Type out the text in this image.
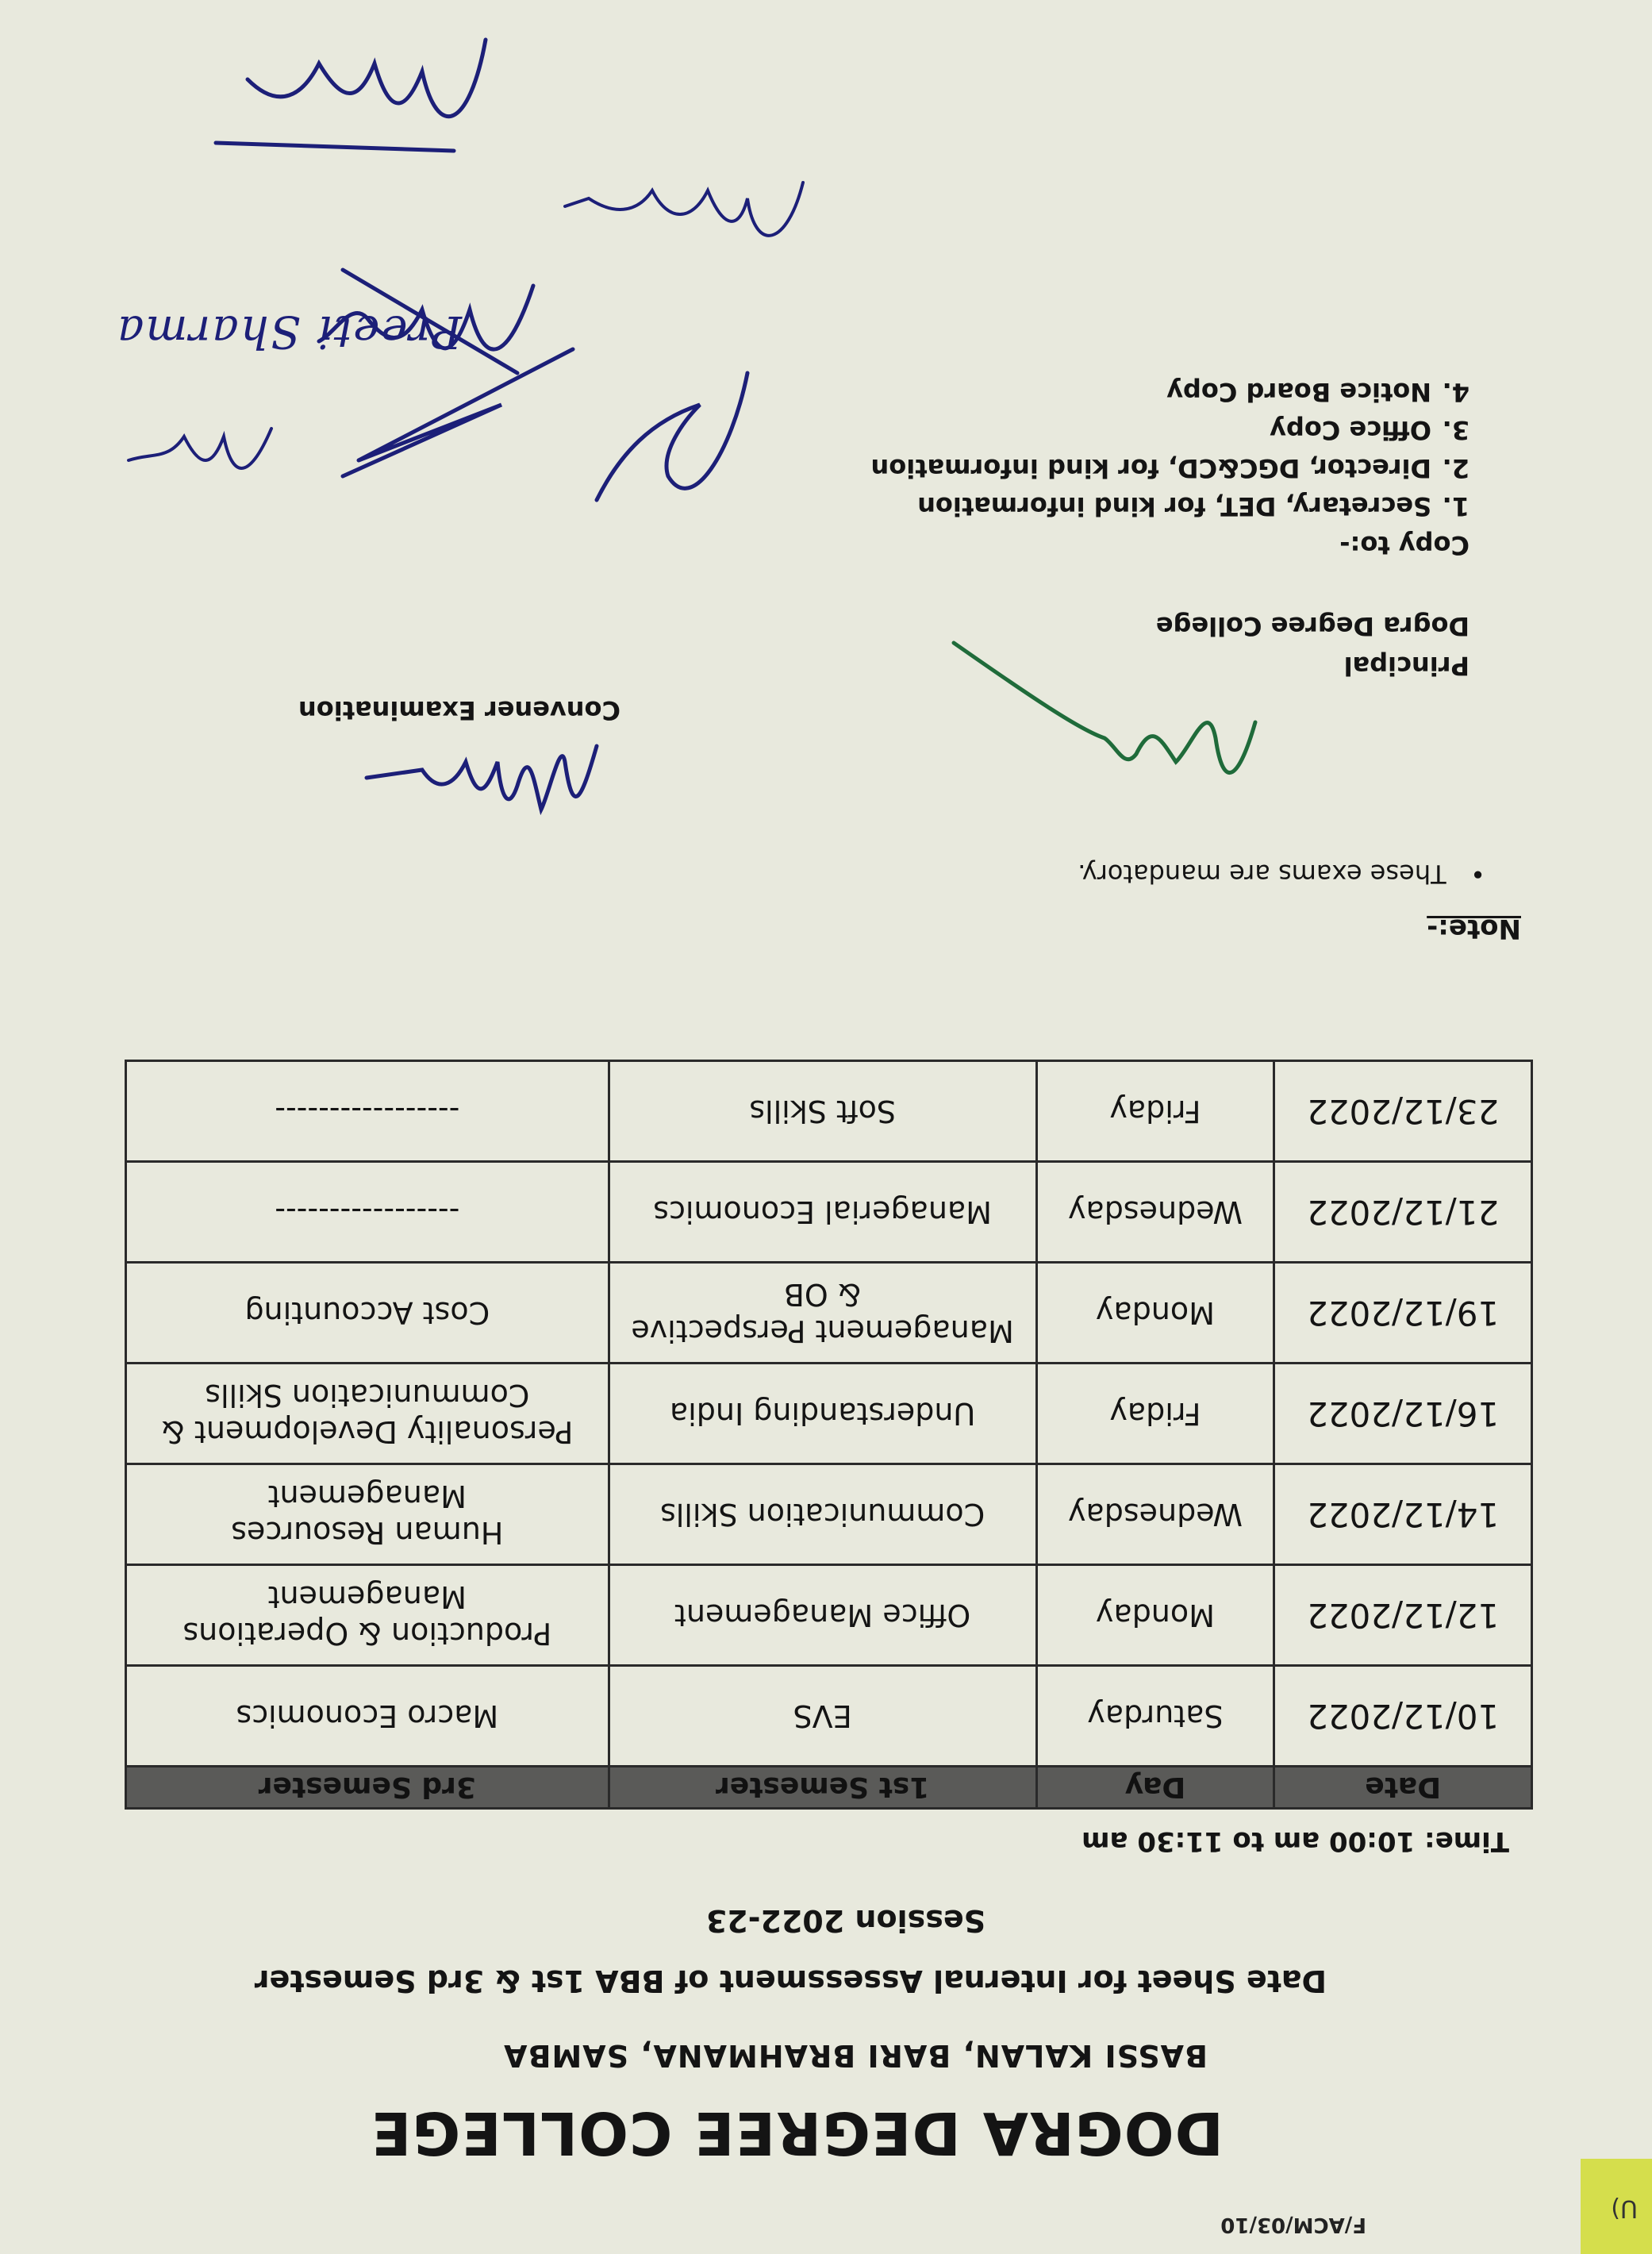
U)
F/ACM/03/10
DOGRA DEGREE COLLEGE
BASSI KALAN, BARI BRAHMANA, SAMBA
Date Sheet for Internal Assessment of BBA 1st & 3rd Semester
Session 2022-23
Time: 10:00 am to 11:30 am
Date	Day	1st Semester	3rd Semester
10/12/2022	Saturday	EVS	Macro Economics
12/12/2022	Monday	Office Management	Production & Operations Management
14/12/2022	Wednesday	Communication Skills	Human Resources Management
16/12/2022	Friday	Understanding India	Personality Development & Communication Skills
19/12/2022	Monday	Management Perspective & OB	Cost Accounting
21/12/2022	Wednesday	Managerial Economics	-----------------
23/12/2022	Friday	Soft Skills	-----------------
Note:-
•   These exams are mandatory.
Convener Examination
Principal
Dogra Degree College
Copy to:-
1.Secretary, DET, for kind information
2.Director, DGC&CD, for kind information
3.Office Copy
4.Notice Board Copy
Preeti Sharma
